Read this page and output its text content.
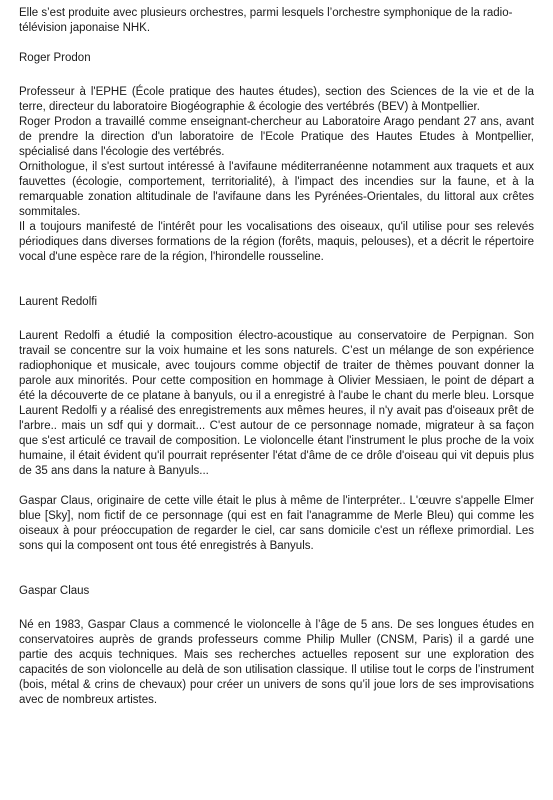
Elle s’est produite avec plusieurs orchestres, parmi lesquels l’orchestre symphonique de la radio-télévision japonaise NHK.

Roger Prodon

Professeur à l'EPHE (École pratique des hautes études), section des Sciences de la vie et de la terre, directeur du laboratoire Biogéographie & écologie des vertébrés (BEV) à Montpellier.

Roger Prodon a travaillé comme enseignant-chercheur au Laboratoire Arago pendant 27 ans, avant de prendre la direction d'un laboratoire de l'Ecole Pratique des Hautes Etudes à Montpellier, spécialisé dans l'écologie des vertébrés.

Ornithologue, il s'est surtout intéressé à l'avifaune méditerranéenne notamment aux traquets et aux fauvettes (écologie, comportement, territorialité), à l'impact des incendies sur la faune, et à la remarquable zonation altitudinale de l'avifaune dans les Pyrénées-Orientales, du littoral aux crêtes sommitales.

Il a toujours manifesté de l'intérêt pour les vocalisations des oiseaux, qu'il utilise pour ses relevés périodiques dans diverses formations de la région (forêts, maquis, pelouses), et a décrit le répertoire vocal d'une espèce rare de la région, l'hirondelle rousseline.

Laurent Redolfi

Laurent Redolfi a étudié la composition électro-acoustique au conservatoire de Perpignan. Son travail se concentre sur la voix humaine et les sons naturels. C’est un mélange de son expérience radiophonique et musicale, avec toujours comme objectif de traiter de thèmes pouvant donner la parole aux minorités. Pour cette composition en hommage à Olivier Messiaen, le point de départ a été la découverte de ce platane à banyuls, ou il a enregistré à l'aube le chant du merle bleu. Lorsque Laurent Redolfi y a réalisé des enregistrements aux mêmes heures, il n'y avait pas d'oiseaux prêt de l'arbre.. mais un sdf qui y dormait... C'est autour de ce personnage nomade, migrateur à sa façon que s'est articulé ce travail de composition. Le violoncelle étant l'instrument le plus proche de la voix humaine, il était évident qu'il pourrait représenter l'état d'âme de ce drôle d'oiseau qui vit depuis plus de 35 ans dans la nature à Banyuls...

Gaspar Claus, originaire de cette ville était le plus à même de l'interpréter.. L'œuvre s'appelle Elmer blue [Sky], nom fictif de ce personnage (qui est en fait l'anagramme de Merle Bleu) qui comme les oiseaux à pour préoccupation de regarder le ciel, car sans domicile c'est un réflexe primordial. Les sons qui la composent ont tous été enregistrés à Banyuls.

Gaspar Claus

Né en 1983, Gaspar Claus a commencé le violoncelle à l’âge de 5 ans. De ses longues études en conservatoires auprès de grands professeurs comme Philip Muller (CNSM, Paris) il a gardé une partie des acquis techniques. Mais ses recherches actuelles reposent sur une exploration des capacités de son violoncelle au delà de son utilisation classique. Il utilise tout le corps de l’instrument (bois, métal & crins de chevaux) pour créer un univers de sons qu’il joue lors de ses improvisations avec de nombreux artistes.
